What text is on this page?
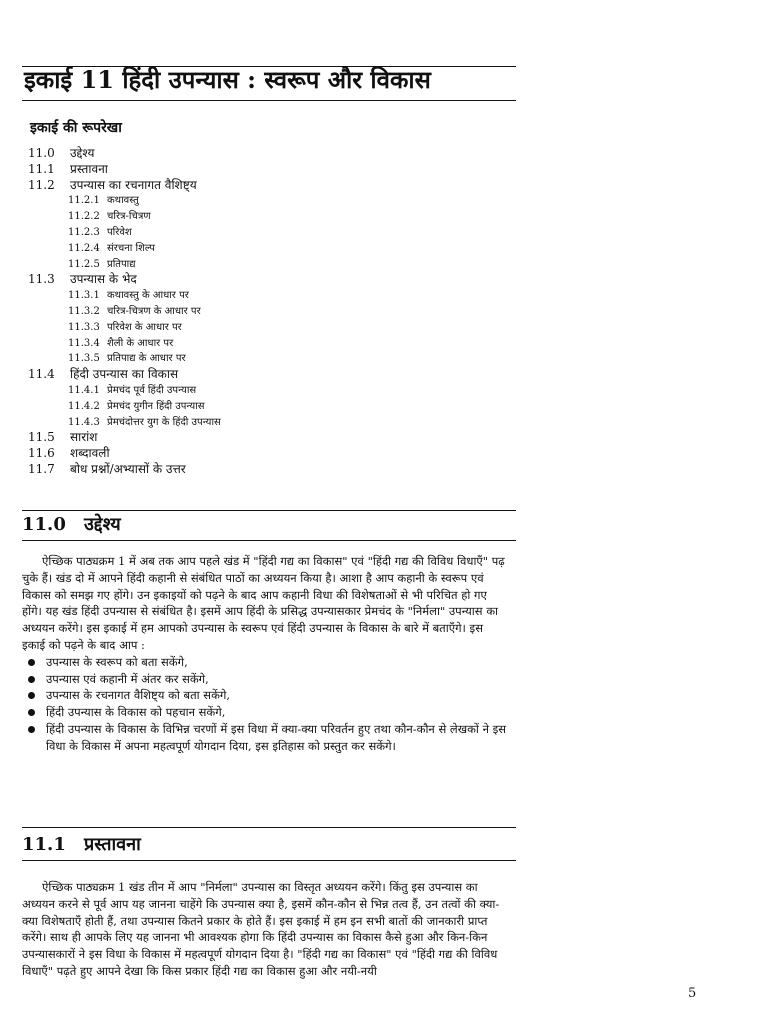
इकाई 11 हिंदी उपन्यास : स्वरूप और विकास
इकाई की रूपरेखा
11.0 उद्देश्य
11.1 प्रस्तावना
11.2 उपन्यास का रचनागत वैशिष्ट्य
11.2.1 कथावस्तु
11.2.2 चरित्र-चित्रण
11.2.3 परिवेश
11.2.4 संरचना शिल्प
11.2.5 प्रतिपाद्य
11.3 उपन्यास के भेद
11.3.1 कथावस्तु के आधार पर
11.3.2 चरित्र-चित्रण के आधार पर
11.3.3 परिवेश के आधार पर
11.3.4 शैली के आधार पर
11.3.5 प्रतिपाद्य के आधार पर
11.4 हिंदी उपन्यास का विकास
11.4.1 प्रेमचंद पूर्व हिंदी उपन्यास
11.4.2 प्रेमचंद युगीन हिंदी उपन्यास
11.4.3 प्रेमचंदोत्तर युग के हिंदी उपन्यास
11.5 सारांश
11.6 शब्दावली
11.7 बोध प्रश्नों/अभ्यासों के उत्तर
11.0 उद्देश्य

ऐच्छिक पाठ्यक्रम 1 में अब तक आप पहले खंड में "हिंदी गद्य का विकास" एवं "हिंदी गद्य की विविध विधाएँ" पढ़ चुके हैं। खंड दो में आपने हिंदी कहानी से संबंधित पाठों का अध्ययन किया है। आशा है आप कहानी के स्वरूप एवं विकास को समझ गए होंगे। उन इकाइयों को पढ़ने के बाद आप कहानी विधा की विशेषताओं से भी परिचित हो गए होंगे। यह खंड हिंदी उपन्यास से संबंधित है। इसमें आप हिंदी के प्रसिद्ध उपन्यासकार प्रेमचंद के "निर्मला" उपन्यास का अध्ययन करेंगे। इस इकाई में हम आपको उपन्यास के स्वरूप एवं हिंदी उपन्यास के विकास के बारे में बताएँगे। इस इकाई को पढ़ने के बाद आप :

उपन्यास के स्वरूप को बता सकेंगे,
उपन्यास एवं कहानी में अंतर कर सकेंगे,
उपन्यास के रचनागत वैशिष्ट्य को बता सकेंगे,
हिंदी उपन्यास के विकास को पहचान सकेंगे,
हिंदी उपन्यास के विकास के विभिन्न चरणों में इस विधा में क्या-क्या परिवर्तन हुए तथा कौन-कौन से लेखकों ने इस विधा के विकास में अपना महत्वपूर्ण योगदान दिया, इस इतिहास को प्रस्तुत कर सकेंगे।
11.1 प्रस्तावना

ऐच्छिक पाठ्यक्रम 1 खंड तीन में आप "निर्मला" उपन्यास का विस्तृत अध्ययन करेंगे। किंतु इस उपन्यास का अध्ययन करने से पूर्व आप यह जानना चाहेंगे कि उपन्यास क्या है, इसमें कौन-कौन से भिन्न तत्व हैं, उन तत्वों की क्या-क्या विशेषताएँ होती हैं, तथा उपन्यास कितने प्रकार के होते हैं। इस इकाई में हम इन सभी बातों की जानकारी प्राप्त करेंगे। साथ ही आपके लिए यह जानना भी आवश्यक होगा कि हिंदी उपन्यास का विकास कैसे हुआ और किन-किन उपन्यासकारों ने इस विधा के विकास में महत्वपूर्ण योगदान दिया है। "हिंदी गद्य का विकास" एवं "हिंदी गद्य की विविध विधाएँ" पढ़ते हुए आपने देखा कि किस प्रकार हिंदी गद्य का विकास हुआ और नयी-नयी

5
